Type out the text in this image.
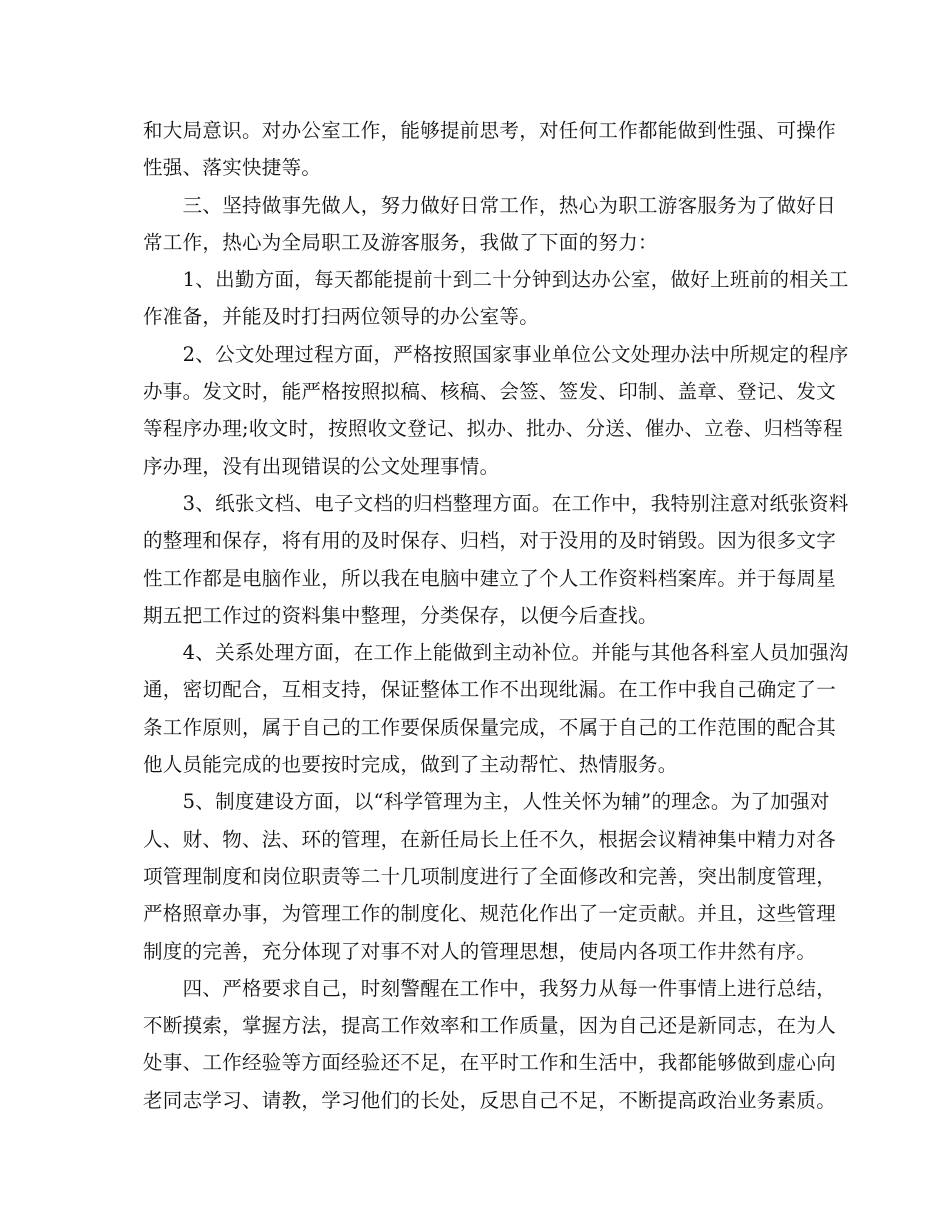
和大局意识。对办公室工作，能够提前思考，对任何工作都能做到性强、可操作
性强、落实快捷等。
　　三、坚持做事先做人，努力做好日常工作，热心为职工游客服务为了做好日
常工作，热心为全局职工及游客服务，我做了下面的努力：
　　1、出勤方面，每天都能提前十到二十分钟到达办公室，做好上班前的相关工
作准备，并能及时打扫两位领导的办公室等。
　　2、公文处理过程方面，严格按照国家事业单位公文处理办法中所规定的程序
办事。发文时，能严格按照拟稿、核稿、会签、签发、印制、盖章、登记、发文
等程序办理;收文时，按照收文登记、拟办、批办、分送、催办、立卷、归档等程
序办理，没有出现错误的公文处理事情。
　　3、纸张文档、电子文档的归档整理方面。在工作中，我特别注意对纸张资料
的整理和保存，将有用的及时保存、归档，对于没用的及时销毁。因为很多文字
性工作都是电脑作业，所以我在电脑中建立了个人工作资料档案库。并于每周星
期五把工作过的资料集中整理，分类保存，以便今后查找。
　　4、关系处理方面，在工作上能做到主动补位。并能与其他各科室人员加强沟
通，密切配合，互相支持，保证整体工作不出现纰漏。在工作中我自己确定了一
条工作原则，属于自己的工作要保质保量完成，不属于自己的工作范围的配合其
他人员能完成的也要按时完成，做到了主动帮忙、热情服务。
　　5、制度建设方面，以“科学管理为主，人性关怀为辅”的理念。为了加强对
人、财、物、法、环的管理，在新任局长上任不久，根据会议精神集中精力对各
项管理制度和岗位职责等二十几项制度进行了全面修改和完善，突出制度管理，
严格照章办事，为管理工作的制度化、规范化作出了一定贡献。并且，这些管理
制度的完善，充分体现了对事不对人的管理思想，使局内各项工作井然有序。
　　四、严格要求自己，时刻警醒在工作中，我努力从每一件事情上进行总结，
不断摸索，掌握方法，提高工作效率和工作质量，因为自己还是新同志，在为人
处事、工作经验等方面经验还不足，在平时工作和生活中，我都能够做到虚心向
老同志学习、请教，学习他们的长处，反思自己不足，不断提高政治业务素质。
